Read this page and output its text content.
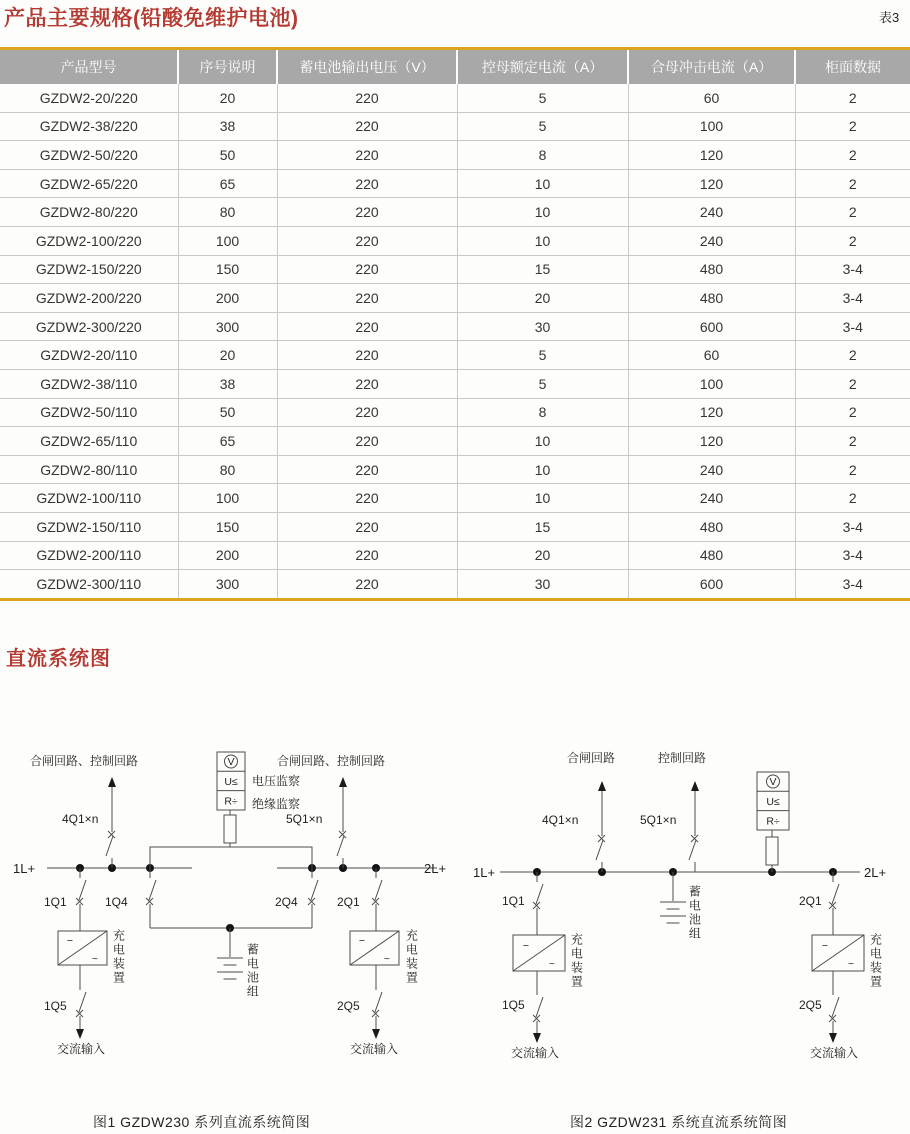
产品主要规格(铅酸免维护电池)	表3
产品型号	序号说明	蓄电池输出电压（V）	控母额定电流（A）	合母冲击电流（A）	柜面数据
GZDW2-20/220	20	220	5	60	2
GZDW2-38/220	38	220	5	100	2
GZDW2-50/220	50	220	8	120	2
GZDW2-65/220	65	220	10	120	2
GZDW2-80/220	80	220	10	240	2
GZDW2-100/220	100	220	10	240	2
GZDW2-150/220	150	220	15	480	3-4
GZDW2-200/220	200	220	20	480	3-4
GZDW2-300/220	300	220	30	600	3-4
GZDW2-20/110	20	220	5	60	2
GZDW2-38/110	38	220	5	100	2
GZDW2-50/110	50	220	8	120	2
GZDW2-65/110	65	220	10	120	2
GZDW2-80/110	80	220	10	240	2
GZDW2-100/110	100	220	10	240	2
GZDW2-150/110	150	220	15	480	3-4
GZDW2-200/110	200	220	20	480	3-4
GZDW2-300/110	300	220	30	600	3-4
直流系统图
V
U≤
R÷
−
~
−
~
V
U≤
R÷
−
~
−
~
合闸回路、控制回路	合闸回路、控制回路
4Q1×n	5Q1×n
1L+	2L+
电压监察
绝缘监察
1Q1	1Q4	2Q4	2Q1
充电装置	充电装置
蓄电池组
1Q5	2Q5
交流输入	交流输入
图1 GZDW230 系列直流系统简图
合闸回路	控制回路
4Q1×n	5Q1×n
1L+	2L+
1Q1	2Q1
蓄电池组
充电装置	充电装置
1Q5	2Q5
交流输入	交流输入
图2 GZDW231 系统直流系统简图
